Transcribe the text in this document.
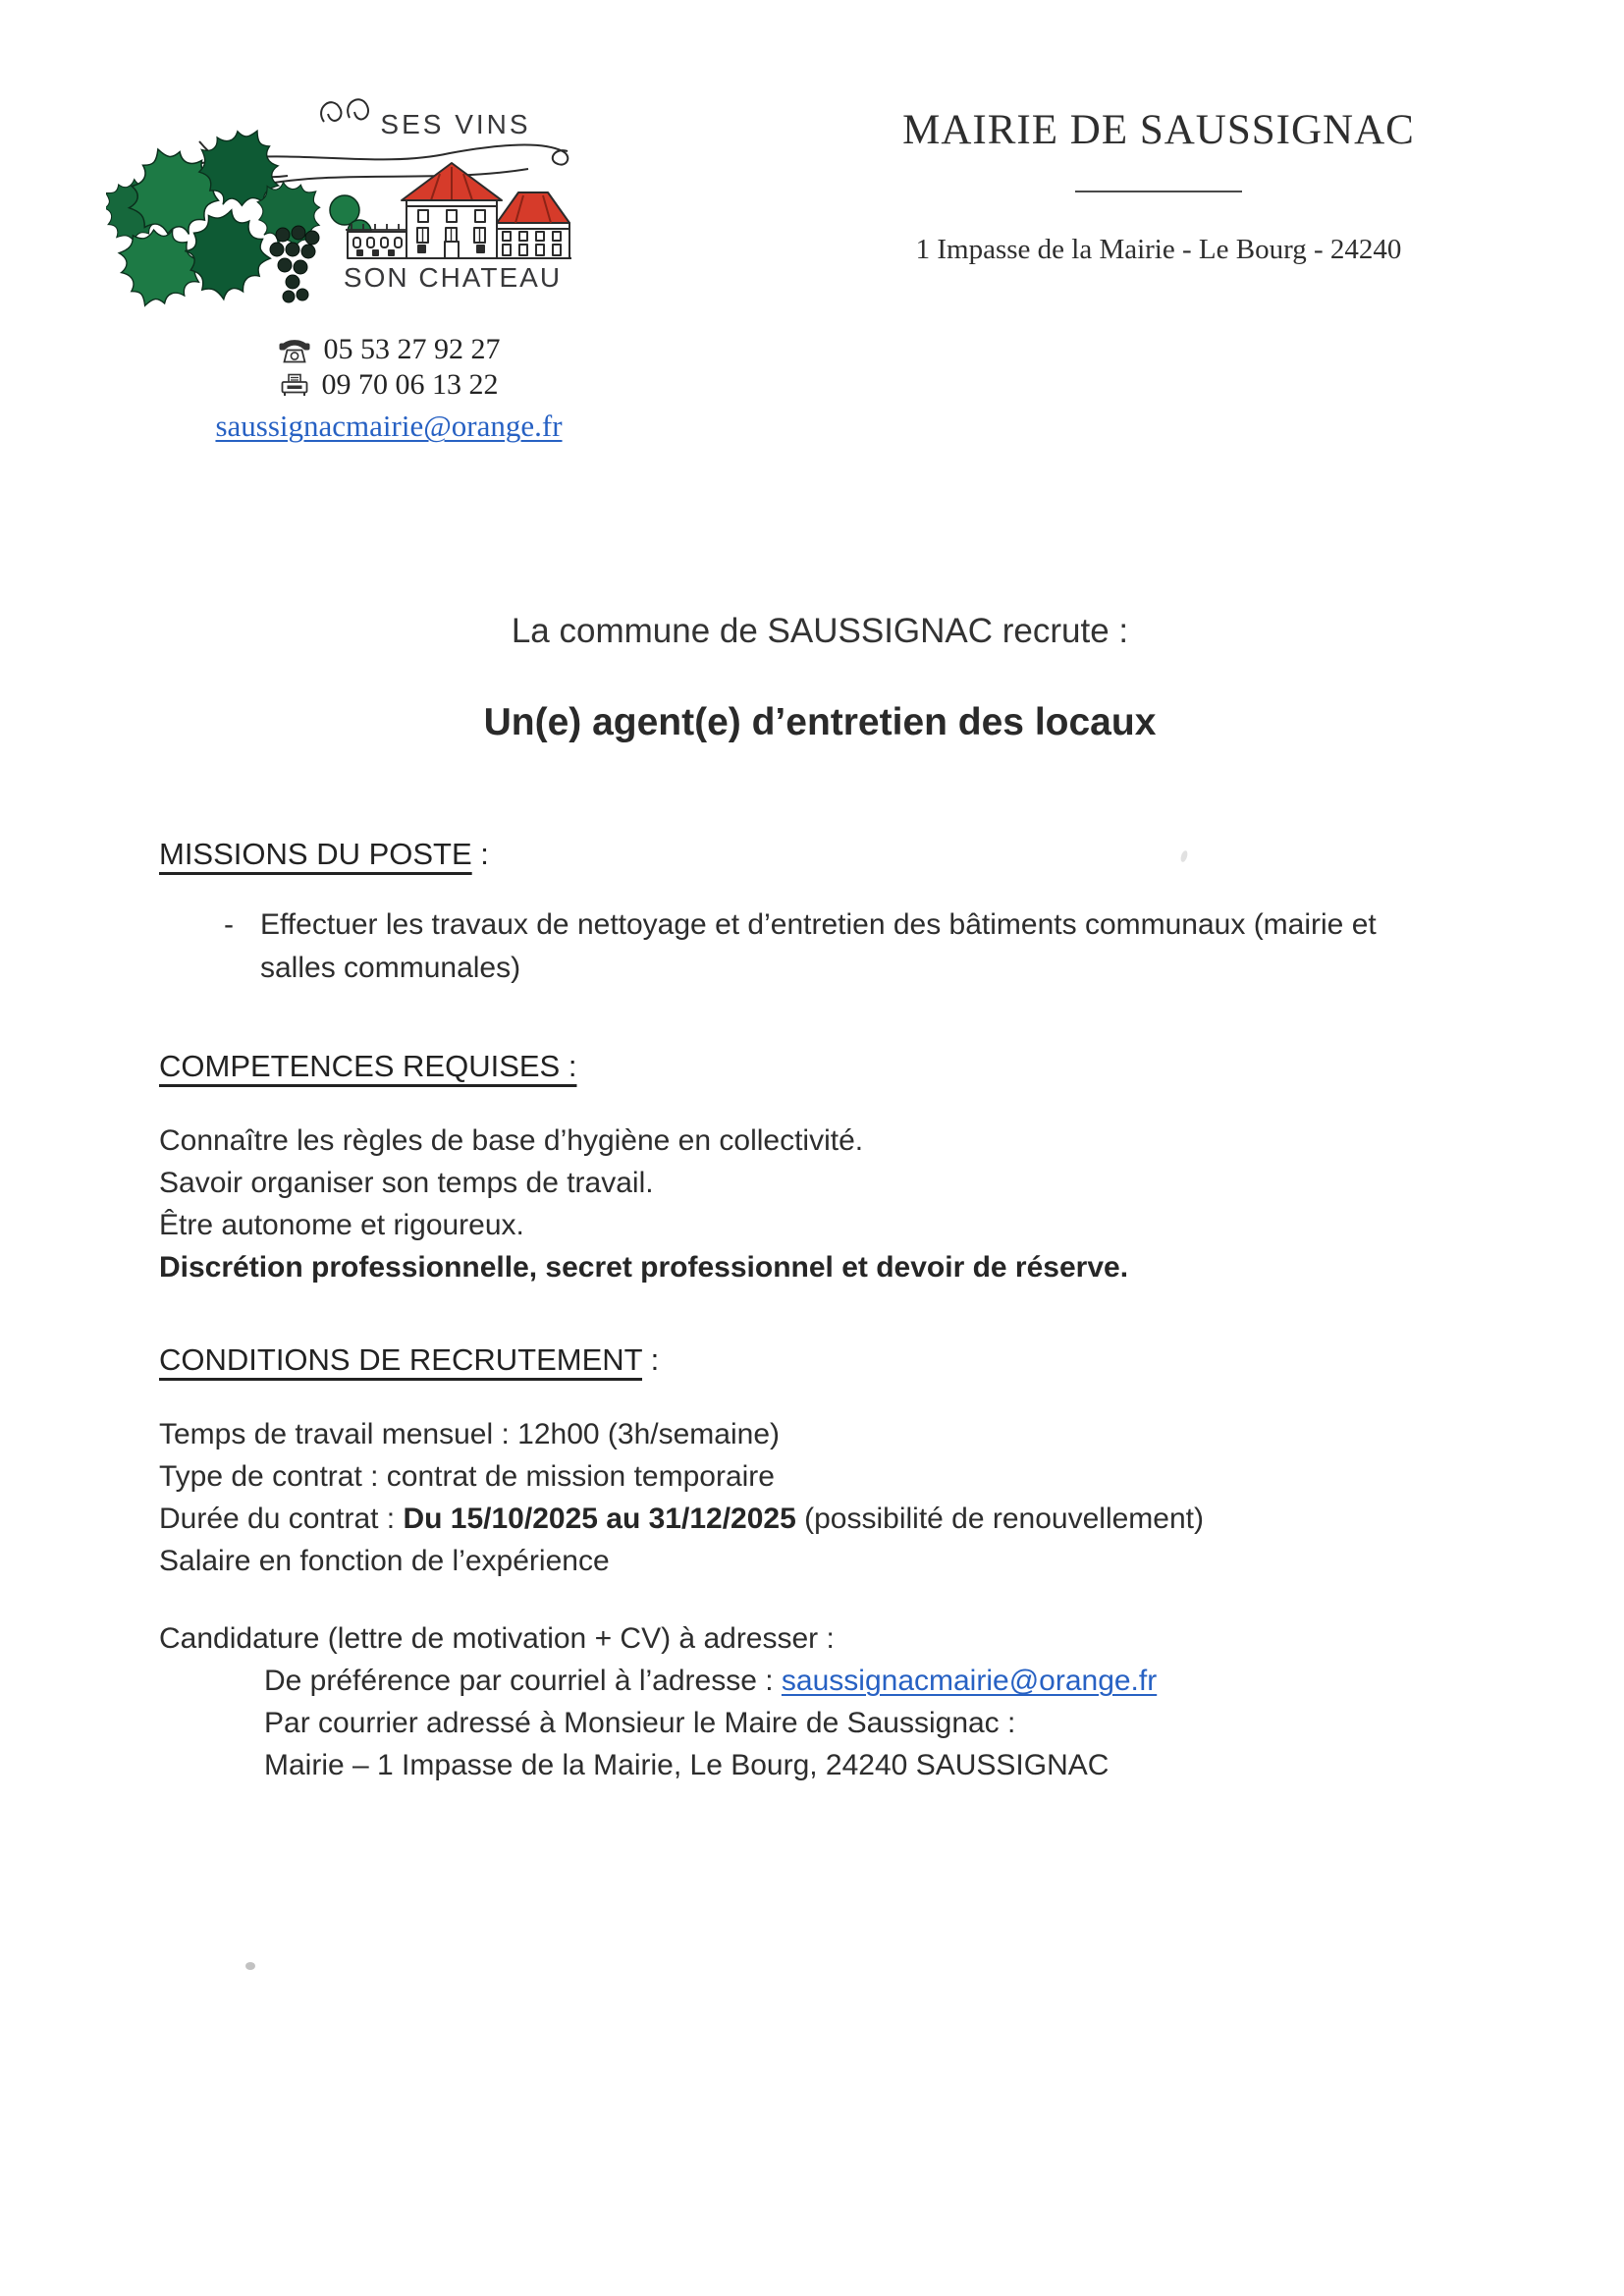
SES VINS
SON CHATEAU
MAIRIE DE SAUSSIGNAC
1 Impasse de la Mairie - Le Bourg - 24240
05 53 27 92 27
09 70 06 13 22
saussignacmairie@orange.fr
La commune de SAUSSIGNAC recrute :
Un(e) agent(e) d’entretien des locaux
MISSIONS DU POSTE :
- Effectuer les travaux de nettoyage et d’entretien des bâtiments communaux (mairie et
salles communales)
COMPETENCES REQUISES :
Connaître les règles de base d’hygiène en collectivité.
Savoir organiser son temps de travail.
Être autonome et rigoureux.
Discrétion professionnelle, secret professionnel et devoir de réserve.
CONDITIONS DE RECRUTEMENT :
Temps de travail mensuel : 12h00 (3h/semaine)
Type de contrat : contrat de mission temporaire
Durée du contrat : Du 15/10/2025 au 31/12/2025 (possibilité de renouvellement)
Salaire en fonction de l’expérience
Candidature (lettre de motivation + CV) à adresser :
De préférence par courriel à l’adresse : saussignacmairie@orange.fr
Par courrier adressé à Monsieur le Maire de Saussignac :
Mairie – 1 Impasse de la Mairie, Le Bourg, 24240 SAUSSIGNAC
